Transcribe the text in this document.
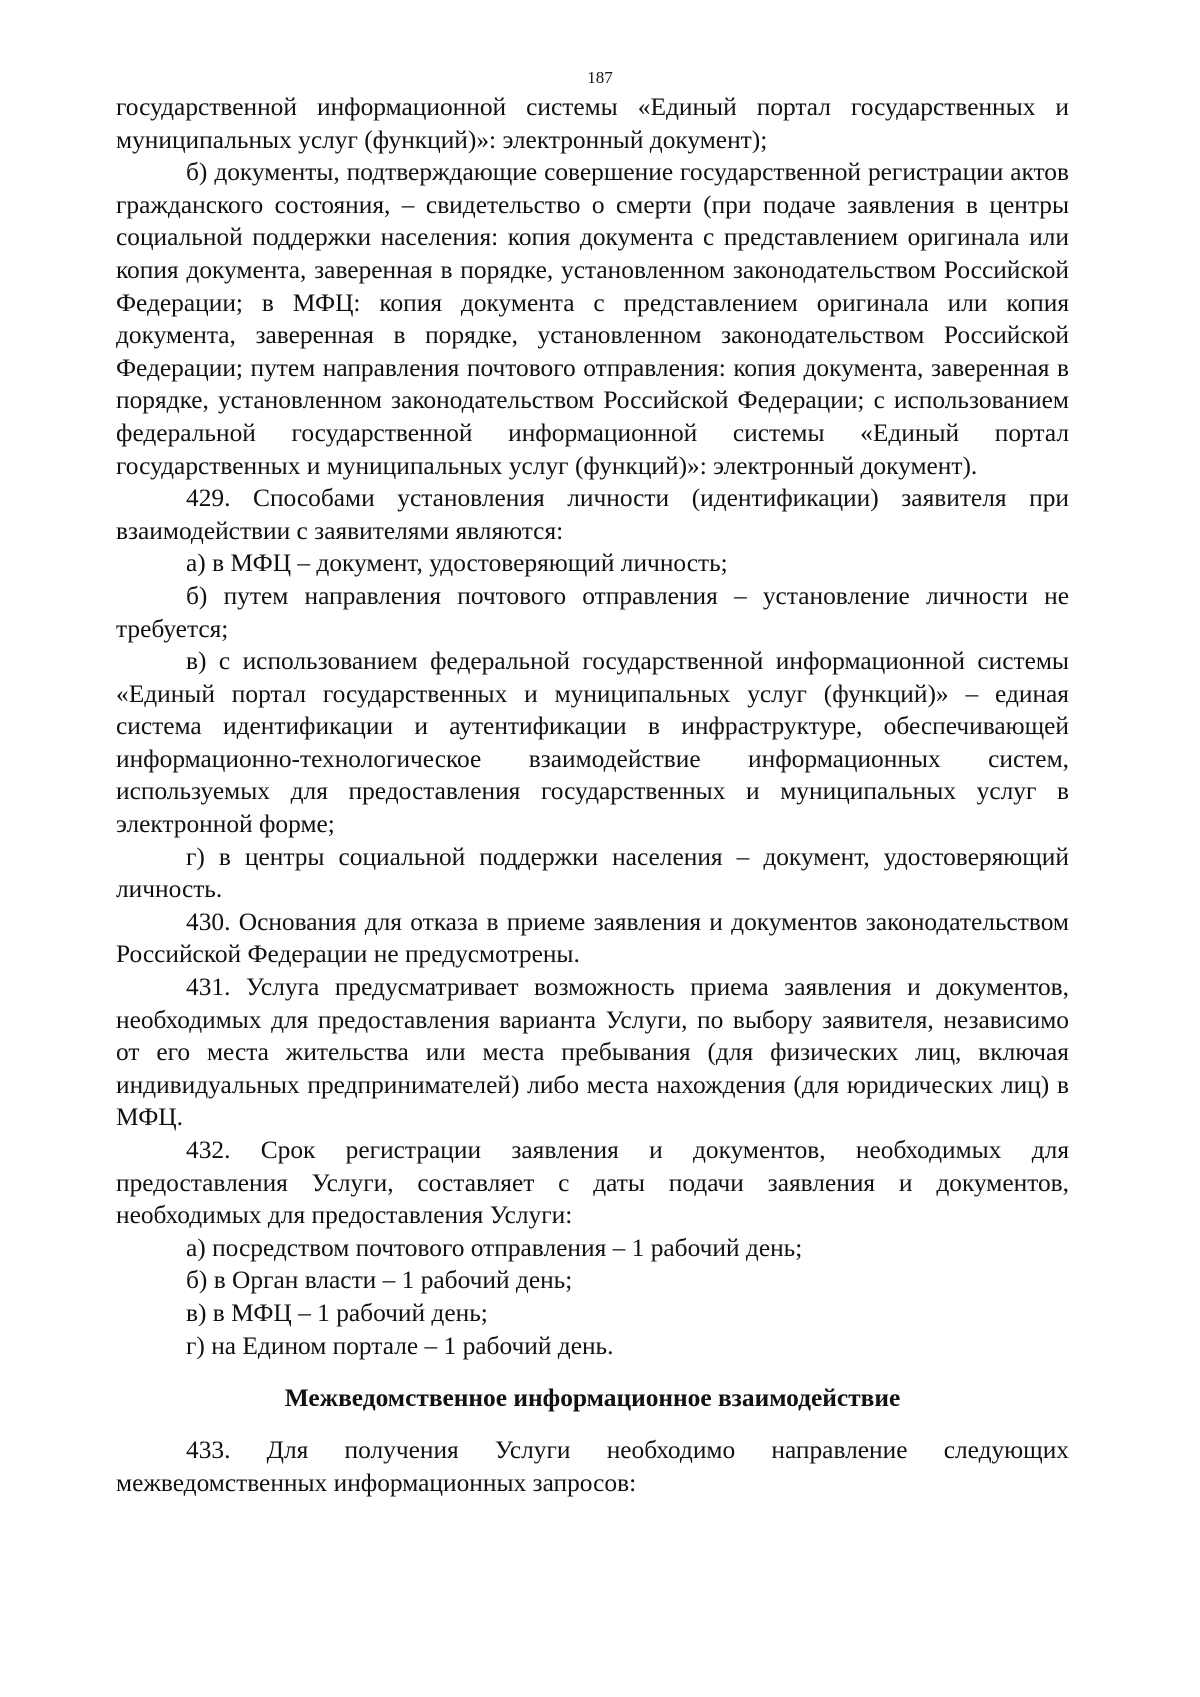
187

государственной информационной системы «Единый портал государственных и муниципальных услуг (функций)»: электронный документ);

б) документы, подтверждающие совершение государственной регистрации актов гражданского состояния, – свидетельство о смерти (при подаче заявления в центры социальной поддержки населения: копия документа с представлением оригинала или копия документа, заверенная в порядке, установленном законодательством Российской Федерации; в МФЦ: копия документа с представлением оригинала или копия документа, заверенная в порядке, установленном законодательством Российской Федерации; путем направления почтового отправления: копия документа, заверенная в порядке, установленном законодательством Российской Федерации; с использованием федеральной государственной информационной системы «Единый портал государственных и муниципальных услуг (функций)»: электронный документ).

429. Способами установления личности (идентификации) заявителя при взаимодействии с заявителями являются:

а) в МФЦ – документ, удостоверяющий личность;

б) путем направления почтового отправления – установление личности не требуется;

в) с использованием федеральной государственной информационной системы «Единый портал государственных и муниципальных услуг (функций)» – единая система идентификации и аутентификации в инфраструктуре, обеспечивающей информационно-технологическое взаимодействие информационных систем, используемых для предоставления государственных и муниципальных услуг в электронной форме;

г) в центры социальной поддержки населения – документ, удостоверяющий личность.

430. Основания для отказа в приеме заявления и документов законодательством Российской Федерации не предусмотрены.

431. Услуга предусматривает возможность приема заявления и документов, необходимых для предоставления варианта Услуги, по выбору заявителя, независимо от его места жительства или места пребывания (для физических лиц, включая индивидуальных предпринимателей) либо места нахождения (для юридических лиц) в МФЦ.

432. Срок регистрации заявления и документов, необходимых для предоставления Услуги, составляет с даты подачи заявления и документов, необходимых для предоставления Услуги:

а) посредством почтового отправления – 1 рабочий день;

б) в Орган власти – 1 рабочий день;

в) в МФЦ – 1 рабочий день;

г) на Едином портале – 1 рабочий день.

Межведомственное информационное взаимодействие

433. Для получения Услуги необходимо направление следующих межведомственных информационных запросов:
